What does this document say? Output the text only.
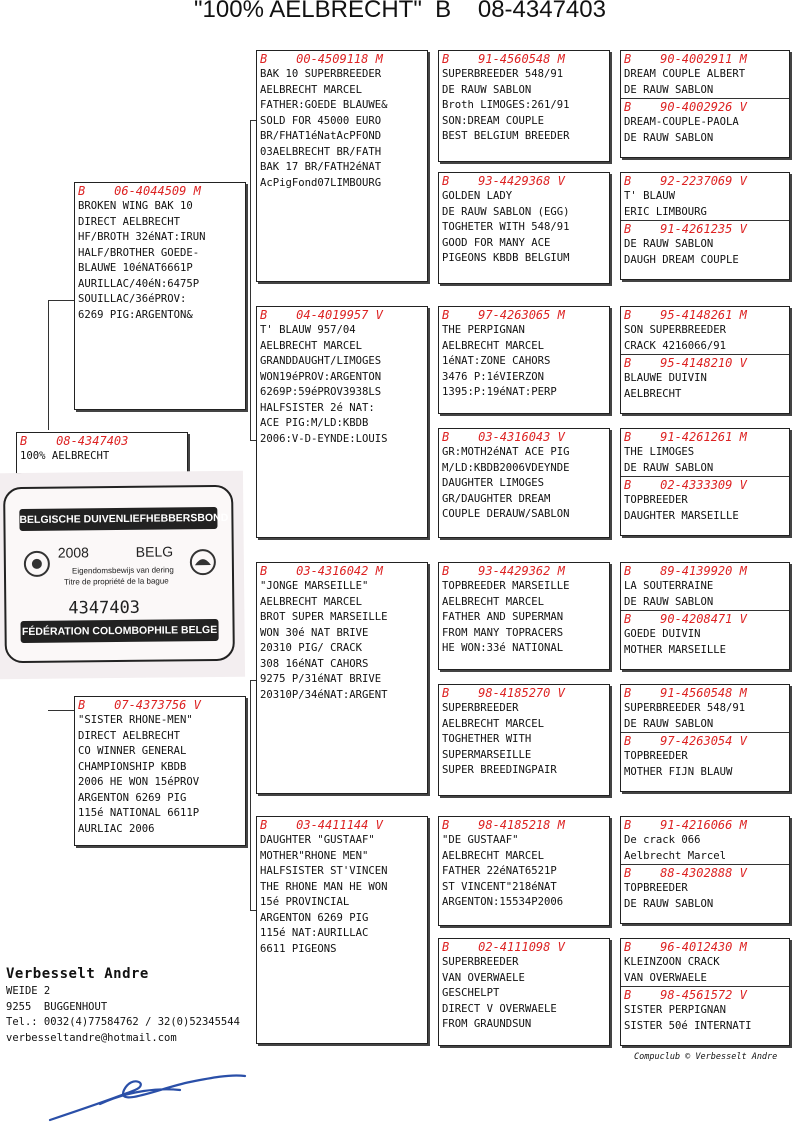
"100% AELBRECHT"  B    08-4347403
B    08-4347403
100% AELBRECHT
BELGISCHE DUIVENLIEFHEBBERSBOND
2008	BELG
Eigendomsbewijs van dering
Titre de propriété de la bague
4347403
FÉDÉRATION COLOMBOPHILE BELGE
B    06-4044509 M
BROKEN WING BAK 10
DIRECT AELBRECHT
HF/BROTH 32éNAT:IRUN
HALF/BROTHER GOEDE-
BLAUWE 10éNAT6661P
AURILLAC/40éN:6475P
SOUILLAC/36éPROV:
6269 PIG:ARGENTON&
B    07-4373756 V
"SISTER RHONE-MEN"
DIRECT AELBRECHT
CO WINNER GENERAL
CHAMPIONSHIP KBDB
2006 HE WON 15éPROV
ARGENTON 6269 PIG
115é NATIONAL 6611P
AURLIAC 2006
B    00-4509118 M
BAK 10 SUPERBREEDER
AELBRECHT MARCEL
FATHER:GOEDE BLAUWE&
SOLD FOR 45000 EURO
BR/FHAT1éNatAcPFOND
03AELBRECHT BR/FATH
BAK 17 BR/FATH2éNAT
AcPigFond07LIMBOURG
B    04-4019957 V
T' BLAUW 957/04
AELBRECHT MARCEL
GRANDDAUGHT/LIMOGES
WON19éPROV:ARGENTON
6269P:59éPROV3938LS
HALFSISTER 2é NAT:
ACE PIG:M/LD:KBDB
2006:V-D-EYNDE:LOUIS
B    03-4316042 M
"JONGE MARSEILLE"
AELBRECHT MARCEL
BROT SUPER MARSEILLE
WON 30é NAT BRIVE
20310 PIG/ CRACK
308 16éNAT CAHORS
9275 P/31éNAT BRIVE
20310P/34éNAT:ARGENT
B    03-4411144 V
DAUGHTER "GUSTAAF"
MOTHER"RHONE MEN"
HALFSISTER ST'VINCEN
THE RHONE MAN HE WON
15é PROVINCIAL
ARGENTON 6269 PIG
115é NAT:AURILLAC
6611 PIGEONS
B    91-4560548 M
SUPERBREEDER 548/91
DE RAUW SABLON
Broth LIMOGES:261/91
SON:DREAM COUPLE
BEST BELGIUM BREEDER
B    93-4429368 V
GOLDEN LADY
DE RAUW SABLON (EGG)
TOGHETER WITH 548/91
GOOD FOR MANY ACE
PIGEONS KBDB BELGIUM
B    97-4263065 M
THE PERPIGNAN
AELBRECHT MARCEL
1éNAT:ZONE CAHORS
3476 P:1éVIERZON
1395:P:19éNAT:PERP
B    03-4316043 V
GR:MOTH2éNAT ACE PIG
M/LD:KBDB2006VDEYNDE
DAUGHTER LIMOGES
GR/DAUGHTER DREAM
COUPLE DERAUW/SABLON
B    93-4429362 M
TOPBREEDER MARSEILLE
AELBRECHT MARCEL
FATHER AND SUPERMAN
FROM MANY TOPRACERS
HE WON:33é NATIONAL
B    98-4185270 V
SUPERBREEDER
AELBRECHT MARCEL
TOGHETHER WITH
SUPERMARSEILLE
SUPER BREEDINGPAIR
B    98-4185218 M
"DE GUSTAAF"
AELBRECHT MARCEL
FATHER 22éNAT6521P
ST VINCENT"218éNAT
ARGENTON:15534P2006
B    02-4111098 V
SUPERBREEDER
VAN OVERWAELE
GESCHELPT
DIRECT V OVERWAELE
FROM GRAUNDSUN
B    90-4002911 M
DREAM COUPLE ALBERT
DE RAUW SABLON
B    90-4002926 V
DREAM-COUPLE-PAOLA
DE RAUW SABLON
B    92-2237069 V
T' BLAUW
ERIC LIMBOURG
B    91-4261235 V
DE RAUW SABLON
DAUGH DREAM COUPLE
B    95-4148261 M
SON SUPERBREEDER
CRACK 4216066/91
B    95-4148210 V
BLAUWE DUIVIN
AELBRECHT
B    91-4261261 M
THE LIMOGES
DE RAUW SABLON
B    02-4333309 V
TOPBREEDER
DAUGHTER MARSEILLE
B    89-4139920 M
LA SOUTERRAINE
DE RAUW SABLON
B    90-4208471 V
GOEDE DUIVIN
MOTHER MARSEILLE
B    91-4560548 M
SUPERBREEDER 548/91
DE RAUW SABLON
B    97-4263054 V
TOPBREEDER
MOTHER FIJN BLAUW
B    91-4216066 M
De crack 066
Aelbrecht Marcel
B    88-4302888 V
TOPBREEDER
DE RAUW SABLON
B    96-4012430 M
KLEINZOON CRACK
VAN OVERWAELE
B    98-4561572 V
SISTER PERPIGNAN
SISTER 50é INTERNATI
Verbesselt Andre
WEIDE 2
9255  BUGGENHOUT
Tel.: 0032(4)77584762 / 32(0)52345544
verbesseltandre@hotmail.com
Compuclub © Verbesselt Andre
